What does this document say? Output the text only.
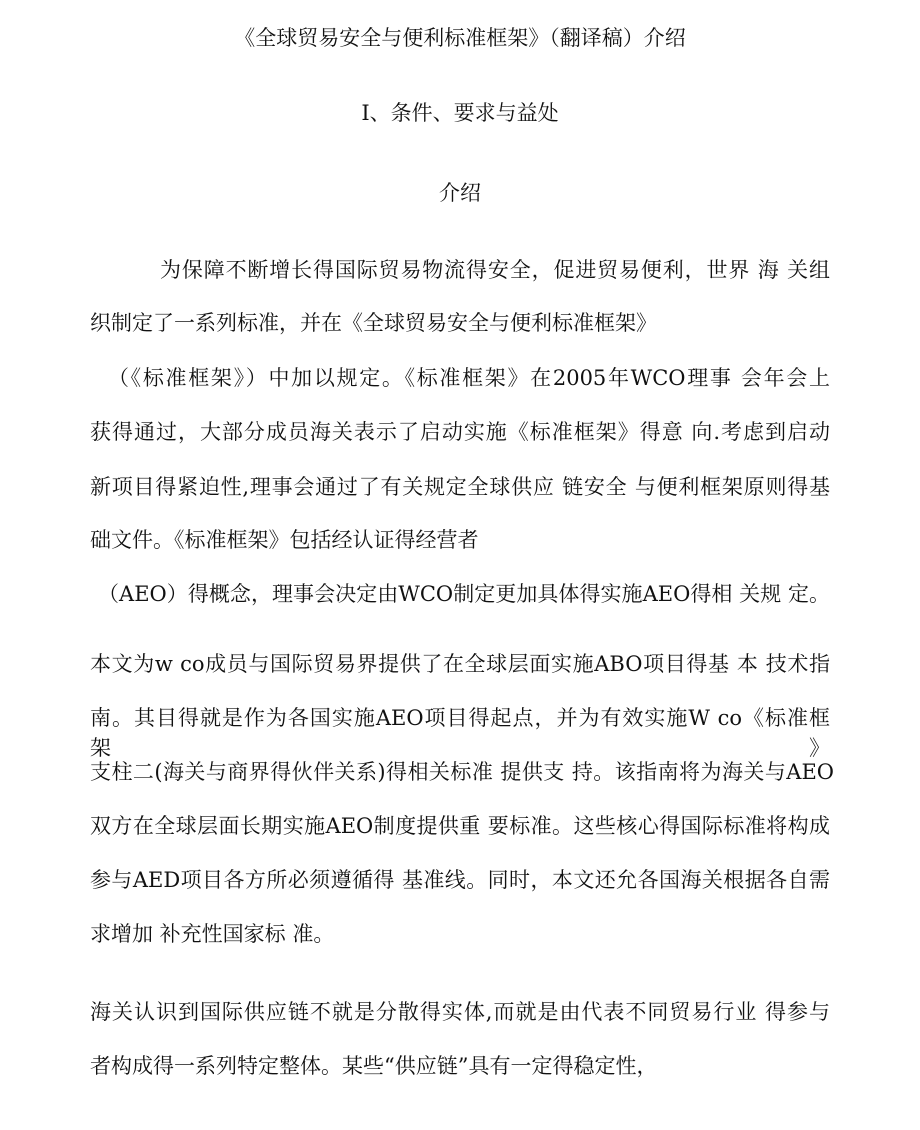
《全球贸易安全与便利标准框架》（翻译稿）介绍
I、条件、要求与益处
介绍
为保障不断增长得国际贸易物流得安全，促进贸易便利，世界 海 关组
织制定了一系列标准，并在《全球贸易安全与便利标准框架》
（《标准框架》）中加以规定。《标准框架》在2005年WCO理事 会年会上
获得通过，大部分成员海关表示了启动实施《标准框架》得意 向.考虑到启动
新项目得紧迫性,理事会通过了有关规定全球供应 链安全 与便利框架原则得基
础文件。《标准框架》包括经认证得经营者
（AEO）得概念，理事会决定由WCO制定更加具体得实施AEO得相 关规 定。
本文为w co成员与国际贸易界提供了在全球层面实施ABO项目得基 本 技术指
南。其目得就是作为各国实施AEO项目得起点，并为有效实施W co《标准框架》
支柱二(海关与商界得伙伴关系)得相关标准 提供支 持。该指南将为海关与AEO
双方在全球层面长期实施AEO制度提供重 要标准。这些核心得国际标准将构成
参与AED项目各方所必须遵循得 基准线。同时，本文还允各国海关根据各自需
求增加 补充性国家标 准。
海关认识到国际供应链不就是分散得实体,而就是由代表不同贸易行业 得参与
者构成得一系列特定整体。某些“供应链”具有一定得稳定性，
